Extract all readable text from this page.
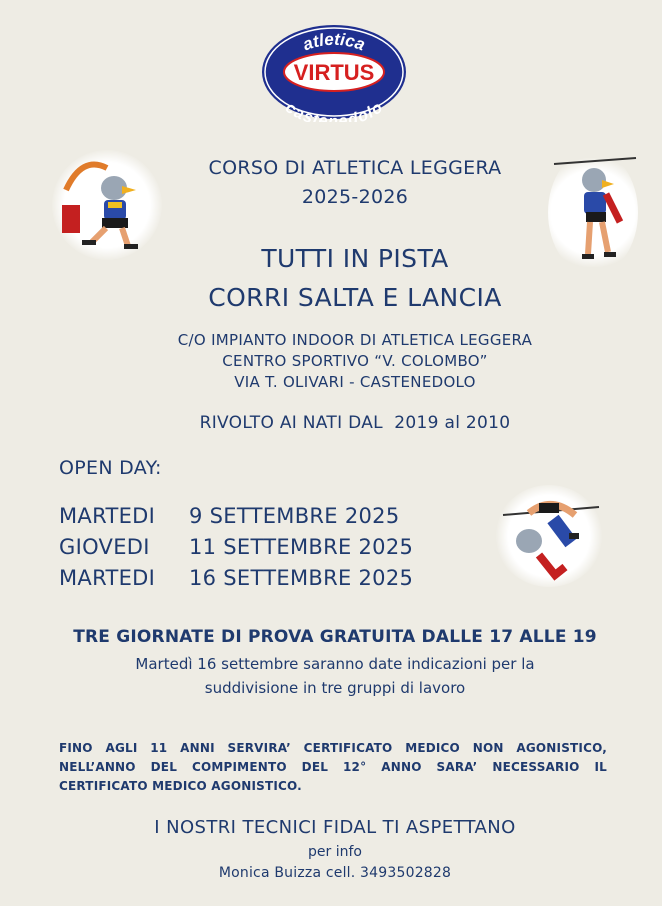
atletica
VIRTUS
castenedolo
CORSO DI ATLETICA LEGGERA
2025-2026
TUTTI IN PISTA
CORRI SALTA E LANCIA
C/O IMPIANTO INDOOR DI ATLETICA LEGGERA
CENTRO SPORTIVO “V. COLOMBO”
VIA T. OLIVARI - CASTENEDOLO
RIVOLTO AI NATI DAL  2019 al 2010
OPEN DAY:
MARTEDI 9 SETTEMBRE 2025
GIOVEDI 11 SETTEMBRE 2025
MARTEDI 16 SETTEMBRE 2025
TRE GIORNATE DI PROVA GRATUITA DALLE 17 ALLE 19
Martedì 16 settembre saranno date indicazioni per la
suddivisione in tre gruppi di lavoro
FINO AGLI 11 ANNI SERVIRA’ CERTIFICATO MEDICO NON AGONISTICO, NELL’ANNO DEL COMPIMENTO DEL 12° ANNO SARA’ NECESSARIO IL CERTIFICATO MEDICO AGONISTICO.
I NOSTRI TECNICI FIDAL TI ASPETTANO
per info
Monica Buizza cell. 3493502828
